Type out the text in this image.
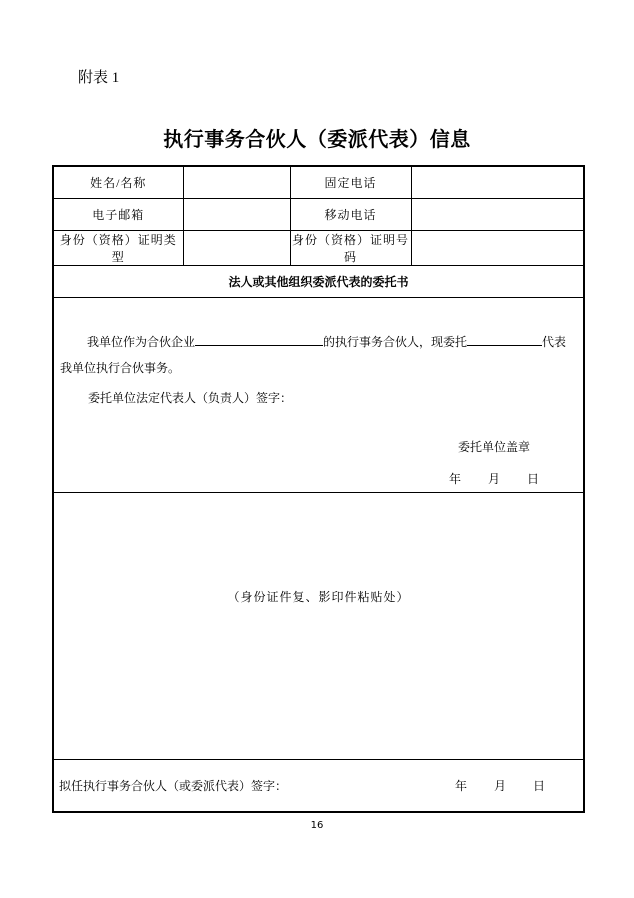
附表 1
执行事务合伙人（委派代表）信息
姓名/名称		固定电话	
电子邮箱		移动电话	
身份（资格）证明类型		身份（资格）证明号码	
法人或其他组织委派代表的委托书			

我单位作为合伙企业	的执行事务合伙人，现委托	代表
我单位执行合伙事务。
委托单位法定代表人（负责人）签字：
委托单位盖章
年 月 日

（身份证件复、影印件粘贴处）			

拟任执行事务合伙人（或委派代表）签字： 年 月 日			
16
